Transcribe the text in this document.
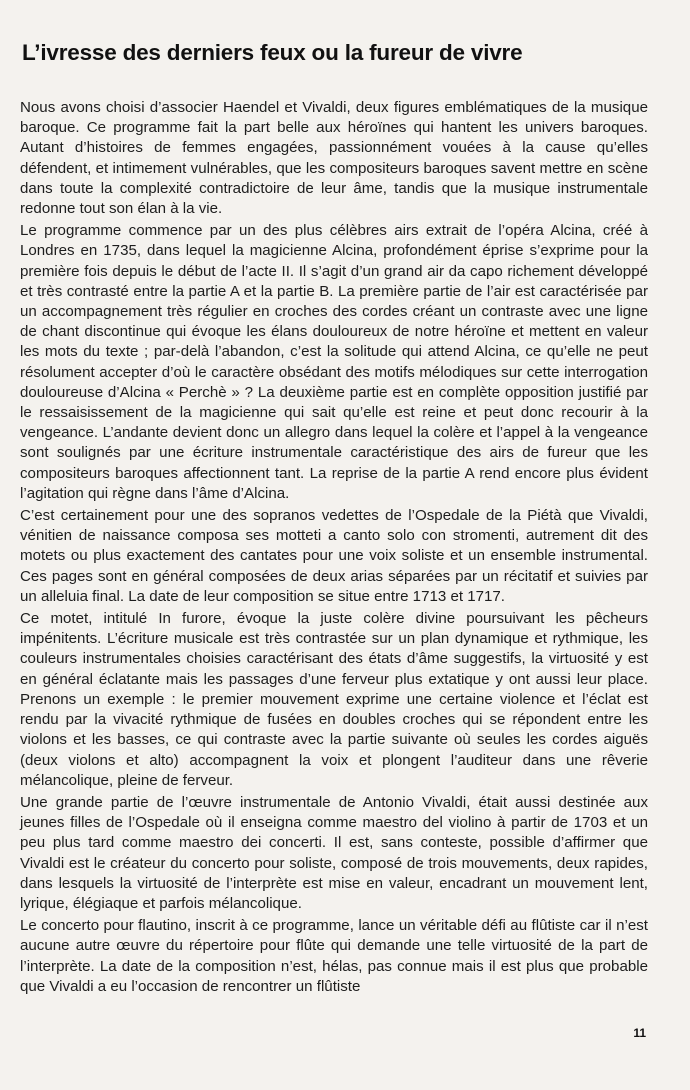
L’ivresse des derniers feux ou la fureur de vivre

Nous avons choisi d’associer Haendel et Vivaldi, deux figures emblématiques de la musique baroque. Ce programme fait la part belle aux héroïnes qui hantent les univers baroques. Autant d’histoires de femmes engagées, passionnément vouées à la cause qu’elles défendent, et intimement vulnérables, que les compositeurs baroques savent mettre en scène dans toute la complexité contradictoire de leur âme, tandis que la musique instrumentale redonne tout son élan à la vie.

Le programme commence par un des plus célèbres airs extrait de l’opéra Alcina, créé à Londres en 1735, dans lequel la magicienne Alcina, profondément éprise s’exprime pour la première fois depuis le début de l’acte II. Il s’agit d’un grand air da capo richement développé et très contrasté entre la partie A et la partie B. La première partie de l’air est caractérisée par un accompagnement très régulier en croches des cordes créant un contraste avec une ligne de chant discontinue qui évoque les élans douloureux de notre héroïne et mettent en valeur les mots du texte ; par-delà l’abandon, c’est la solitude qui attend Alcina, ce qu’elle ne peut résolument accepter d’où le caractère obsédant des motifs mélodiques sur cette interrogation douloureuse d’Alcina « Perchè » ? La deuxième partie est en complète opposition justifié par le ressaisissement de la magicienne qui sait qu’elle est reine et peut donc recourir à la vengeance. L’andante devient donc un allegro dans lequel la colère et l’appel à la vengeance sont soulignés par une écriture instrumentale caractéristique des airs de fureur que les compositeurs baroques affectionnent tant. La reprise de la partie A rend encore plus évident l’agitation qui règne dans l’âme d’Alcina.

C’est certainement pour une des sopranos vedettes de l’Ospedale de la Piétà que Vivaldi, vénitien de naissance composa ses motteti a canto solo con stromenti, autrement dit des motets ou plus exactement des cantates pour une voix soliste et un ensemble instrumental. Ces pages sont en général composées de deux arias séparées par un récitatif et suivies par un alleluia final. La date de leur composition se situe entre 1713 et 1717.

Ce motet, intitulé In furore, évoque la juste colère divine poursuivant les pêcheurs impénitents. L’écriture musicale est très contrastée sur un plan dynamique et rythmique, les couleurs instrumentales choisies caractérisant des états d’âme suggestifs, la virtuosité y est en général éclatante mais les passages d’une ferveur plus extatique y ont aussi leur place. Prenons un exemple : le premier mouvement exprime une certaine violence et l’éclat est rendu par la vivacité rythmique de fusées en doubles croches qui se répondent entre les violons et les basses, ce qui contraste avec la partie suivante où seules les cordes aiguës (deux violons et alto) accompagnent la voix et plongent l’auditeur dans une rêverie mélancolique, pleine de ferveur.

Une grande partie de l’œuvre instrumentale de Antonio Vivaldi, était aussi destinée aux jeunes filles de l’Ospedale où il enseigna comme maestro del violino à partir de 1703 et un peu plus tard comme maestro dei concerti. Il est, sans conteste, possible d’affirmer que Vivaldi est le créateur du concerto pour soliste, composé de trois mouvements, deux rapides, dans lesquels la virtuosité de l’interprète est mise en valeur, encadrant un mouvement lent, lyrique, élégiaque et parfois mélancolique.

Le concerto pour flautino, inscrit à ce programme, lance un véritable défi au flûtiste car il n’est aucune autre œuvre du répertoire pour flûte qui demande une telle virtuosité de la part de l’interprète. La date de la composition n’est, hélas, pas connue mais il est plus que probable que Vivaldi a eu l’occasion de rencontrer un flûtiste

11
